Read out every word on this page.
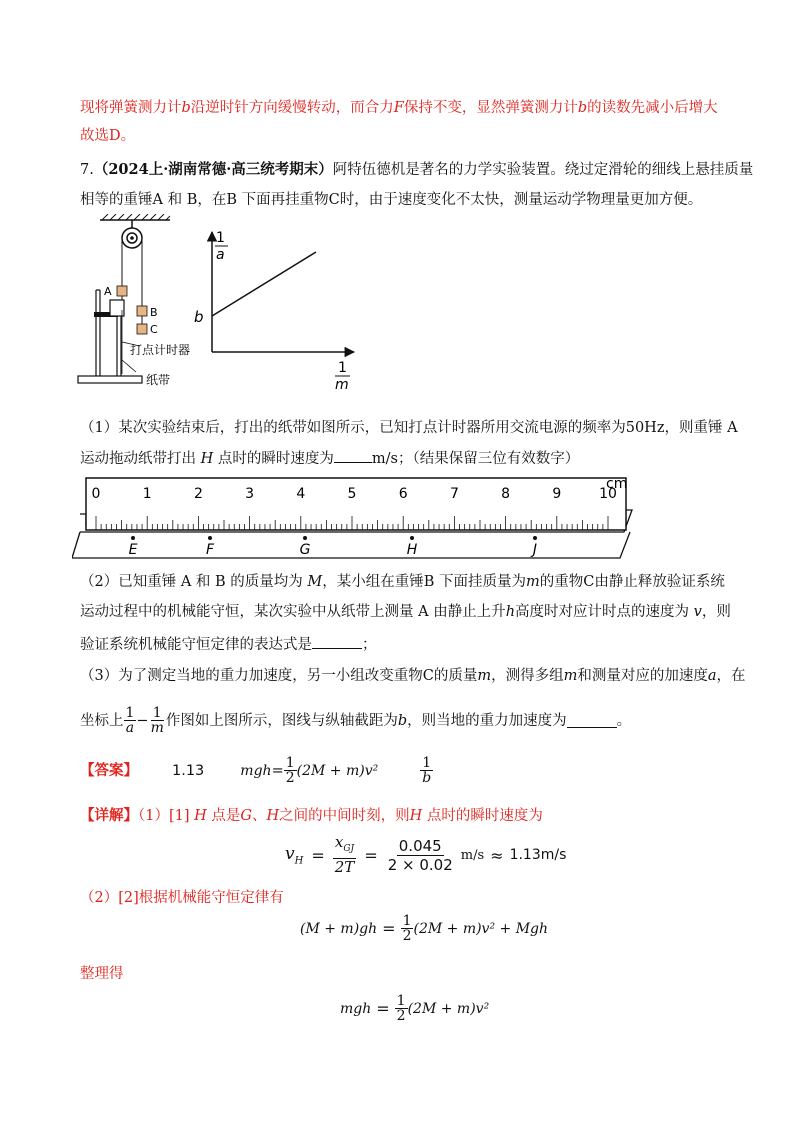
现将弹簧测力计b沿逆时针方向缓慢转动，而合力F保持不变，显然弹簧测力计b的读数先减小后增大
故选D。
7.（2024上·湖南常德·高三统考期末）阿特伍德机是著名的力学实验装置。绕过定滑轮的细线上悬挂质量
相等的重锤A 和 B，在B 下面再挂重物C时，由于速度变化不太快，测量运动学物理量更加方便。
A
B
C
打点计时器
纸带
1
a
1
m
b
（1）某次实验结束后，打出的纸带如图所示，已知打点计时器所用交流电源的频率为50Hz，则重锤 A
运动拖动纸带打出 H 点时的瞬时速度为	m/s；（结果保留三位有效数字）
0	1	2	3	4	5	6	7	8	9	10
cm
E	F	G	H	J
（2）已知重锤 A 和 B 的质量均为 M，某小组在重锤B 下面挂质量为m的重物C由静止释放验证系统
运动过程中的机械能守恒，某次实验中从纸带上测量 A 由静止上升h高度时对应计时点的速度为 v，则
验证系统机械能守恒定律的表达式是	；
（3）为了测定当地的重力加速度，另一小组改变重物C的质量m，测得多组m和测量对应的加速度a，在
坐标上 $\frac{1}{a} - \frac{1}{m}$ 作图如上图所示，图线与纵轴截距为 b ，则当地的重力加速度为	。
【答案】 1.13	mgh = $\frac{1}{2} (2M + m)v^2$	$\frac{1}{b}$
【详解】（1）[1] H 点是G、H之间的中间时刻，则H 点时的瞬时速度为
$v_H = \frac{x_{GJ}}{2T} = \frac{0.045}{2 \times 0.02} m/s \approx 1.13m/s$
（2）[2]根据机械能守恒定律有
$(M + m)gh = \frac{1}{2} (2M + m)v^2$ + Mgh
整理得
mgh = $\frac{1}{2} (2M + m)v^2$
